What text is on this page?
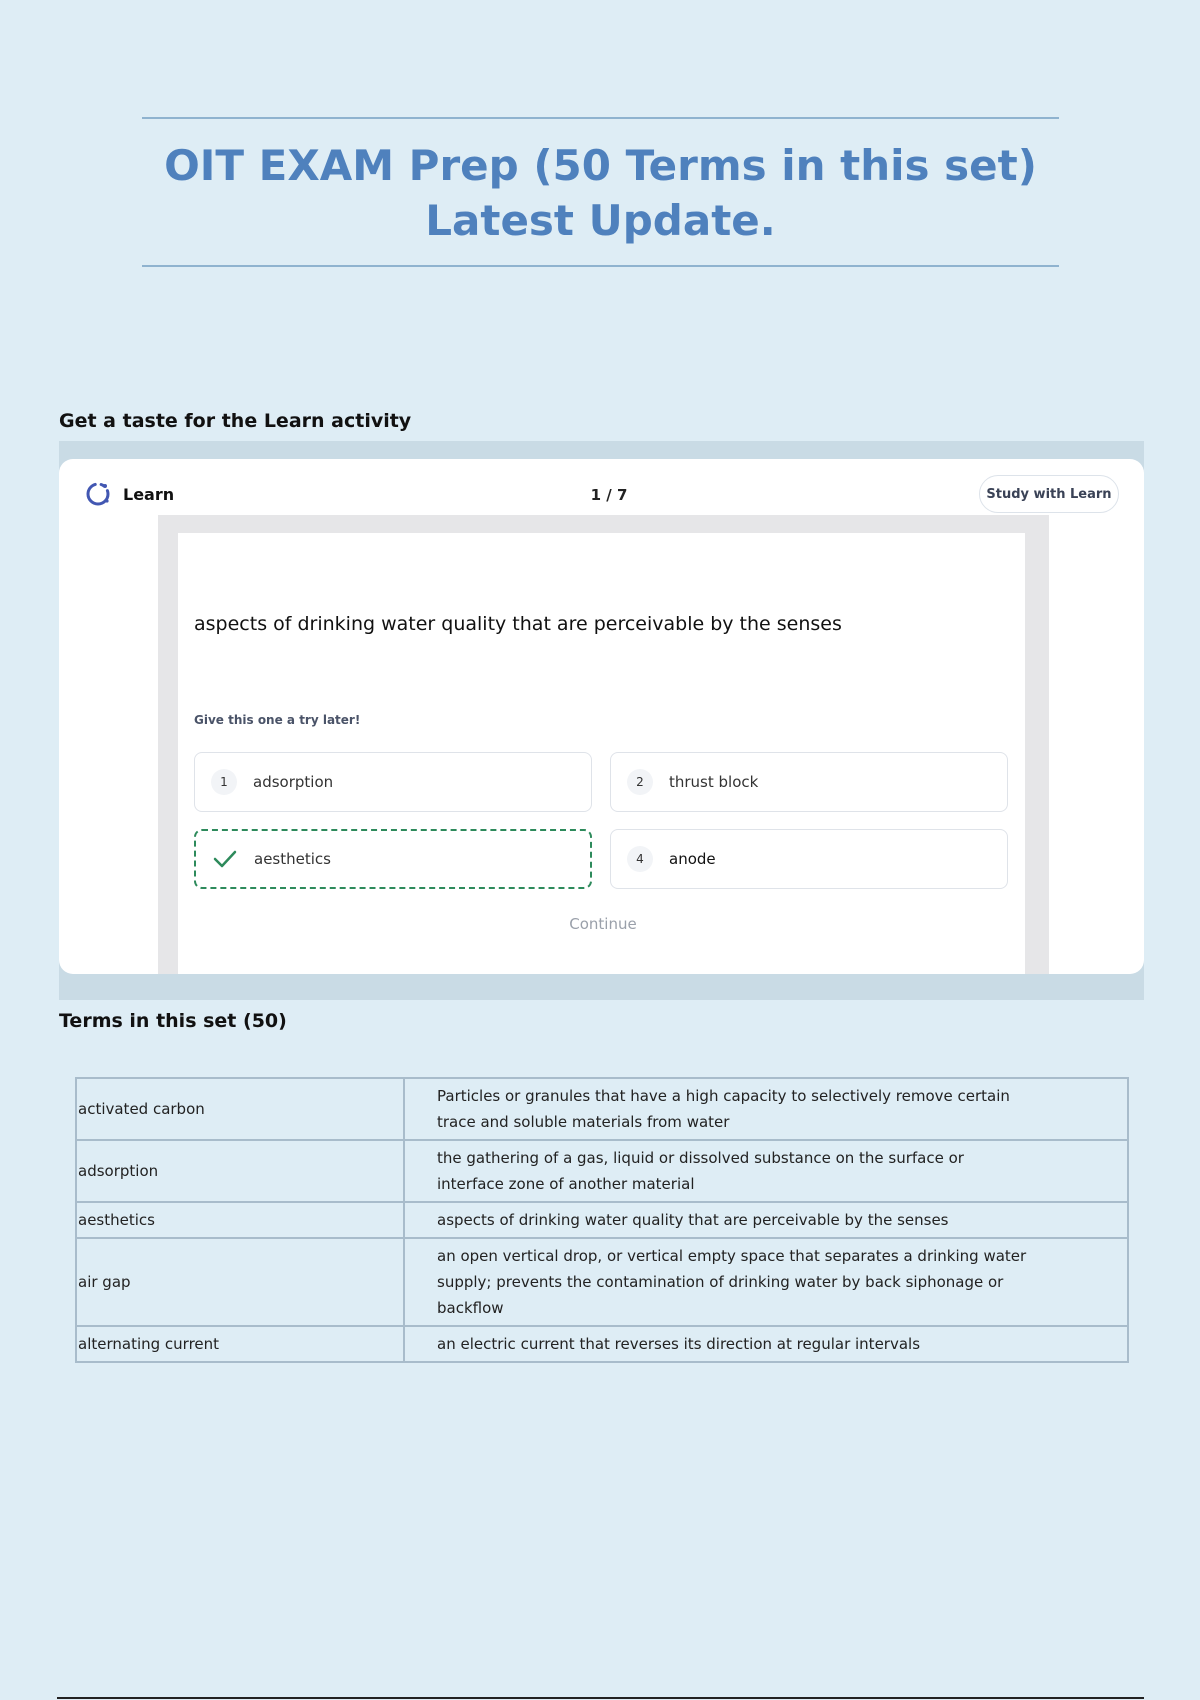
OIT EXAM Prep (50 Terms in this set)
Latest Update.
Get a taste for the Learn activity
Learn	1 / 7	Study with Learn
aspects of drinking water quality that are perceivable by the senses
Give this one a try later!
1	adsorption	2	thrust block
aesthetics	4	anode
Continue
Terms in this set (50)
activated carbon	Particles or granules that have a high capacity to selectively remove certain trace and soluble materials from water
adsorption	the gathering of a gas, liquid or dissolved substance on the surface or interface zone of another material
aesthetics	aspects of drinking water quality that are perceivable by the senses
air gap	an open vertical drop, or vertical empty space that separates a drinking water supply; prevents the contamination of drinking water by back siphonage or backflow
alternating current	an electric current that reverses its direction at regular intervals
